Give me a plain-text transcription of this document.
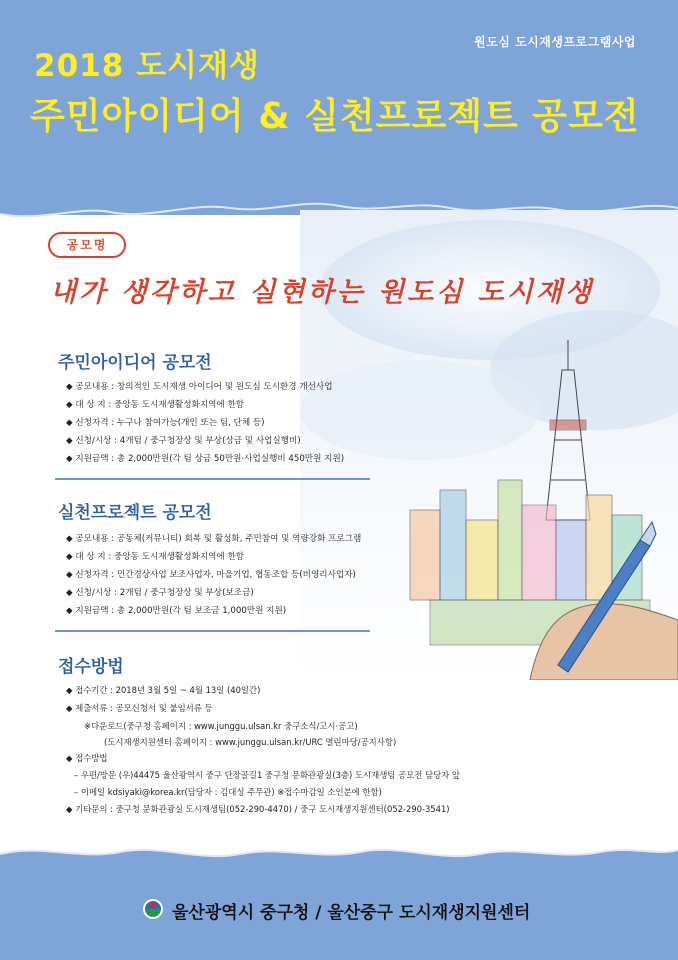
원도심 도시재생프로그램사업
2018 도시재생
주민아이디어 & 실천프로젝트 공모전
공모명
내가 생각하고 실현하는 원도심 도시재생
주민아이디어 공모전
◆ 공모내용 : 창의적인 도시재생 아이디어 및 원도심 도시환경 개선사업
◆ 대 상 지 : 중앙동 도시재생활성화지역에 한함
◆ 신청자격 : 누구나 참여가능(개인 또는 팀, 단체 등)
◆ 신청/시상 : 4개팀 / 중구청장상 및 부상(상금 및 사업실행비)
◆ 지원금액 : 총 2,000만원(각 팀 상금 50만원·사업실행비 450만원 지원)
실천프로젝트 공모전
◆ 공모내용 : 공동체(커뮤니티) 회복 및 활성화, 주민참여 및 역량강화 프로그램
◆ 대 상 지 : 중앙동 도시재생활성화지역에 한함
◆ 신청자격 : 민간경상사업 보조사업자, 마을기업, 협동조합 등(비영리사업자)
◆ 신청/시상 : 2개팀 / 중구청장상 및 부상(보조금)
◆ 지원금액 : 총 2,000만원(각 팀 보조금 1,000만원 지원)
접수방법
◆ 접수기간 : 2018년 3월 5일 ~ 4월 13일 (40일간)
◆ 제출서류 : 공모신청서 및 붙임서류 등
※다운로드(중구청 홈페이지 : www.junggu.ulsan.kr 중구소식/고시·공고)
(도시재생지원센터 홈페이지 : www.junggu.ulsan.kr/URC 열린마당/공지사항)
◆ 접수방법
– 우편/방문 (우)44475 울산광역시 중구 단장골길1 중구청 문화관광실(3층) 도시재생팀 공모전 담당자 앞
– 이메일 kdsiyaki@korea.kr(담당자 : 김대성 주무관) ※접수마감일 소인분에 한함)
◆ 기타문의 : 중구청 문화관광실 도시재생팀(052-290-4470) / 중구 도시재생지원센터(052-290-3541)
울산광역시 중구청 / 울산중구 도시재생지원센터
